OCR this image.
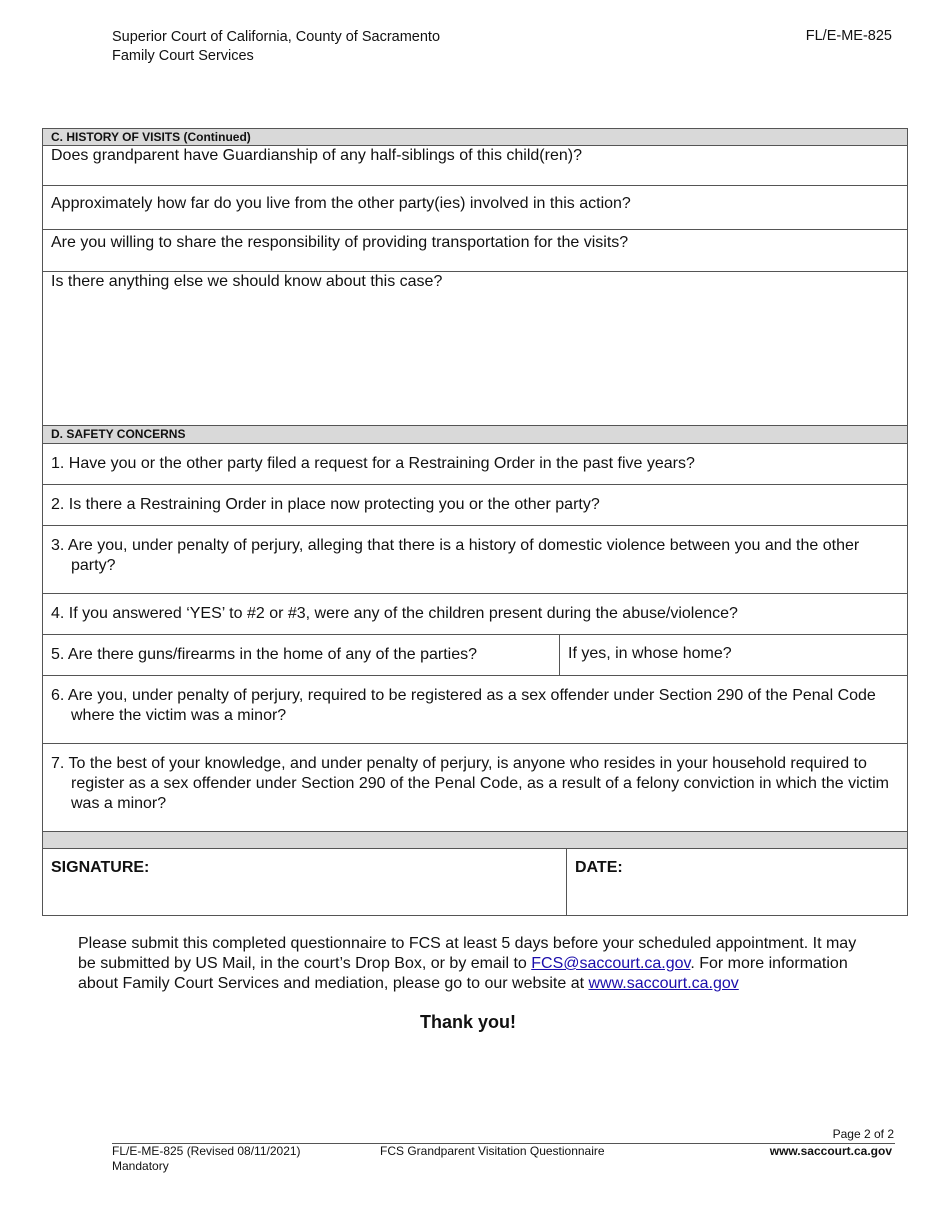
Superior Court of California, County of Sacramento
Family Court Services
FL/E-ME-825
C. HISTORY OF VISITS (Continued)
Does grandparent have Guardianship of any half-siblings of this child(ren)?
Approximately how far do you live from the other party(ies) involved in this action?
Are you willing to share the responsibility of providing transportation for the visits?
Is there anything else we should know about this case?
D. SAFETY CONCERNS
1. Have you or the other party filed a request for a Restraining Order in the past five years?
2. Is there a Restraining Order in place now protecting you or the other party?
3. Are you, under penalty of perjury, alleging that there is a history of domestic violence between you and the other party?
4. If you answered ‘YES’ to #2 or #3, were any of the children present during the abuse/violence?
5. Are there guns/firearms in the home of any of the parties?	If yes, in whose home?
6. Are you, under penalty of perjury, required to be registered as a sex offender under Section 290 of the Penal Code where the victim was a minor?
7. To the best of your knowledge, and under penalty of perjury, is anyone who resides in your household required to register as a sex offender under Section 290 of the Penal Code, as a result of a felony conviction in which the victim was a minor?
SIGNATURE:	DATE:
Please submit this completed questionnaire to FCS at least 5 days before your scheduled appointment. It may be submitted by US Mail, in the court’s Drop Box, or by email to FCS@saccourt.ca.gov. For more information about Family Court Services and mediation, please go to our website at www.saccourt.ca.gov
Thank you!
Page 2 of 2
FL/E-ME-825 (Revised 08/11/2021)
Mandatory
FCS Grandparent Visitation Questionnaire	www.saccourt.ca.gov
